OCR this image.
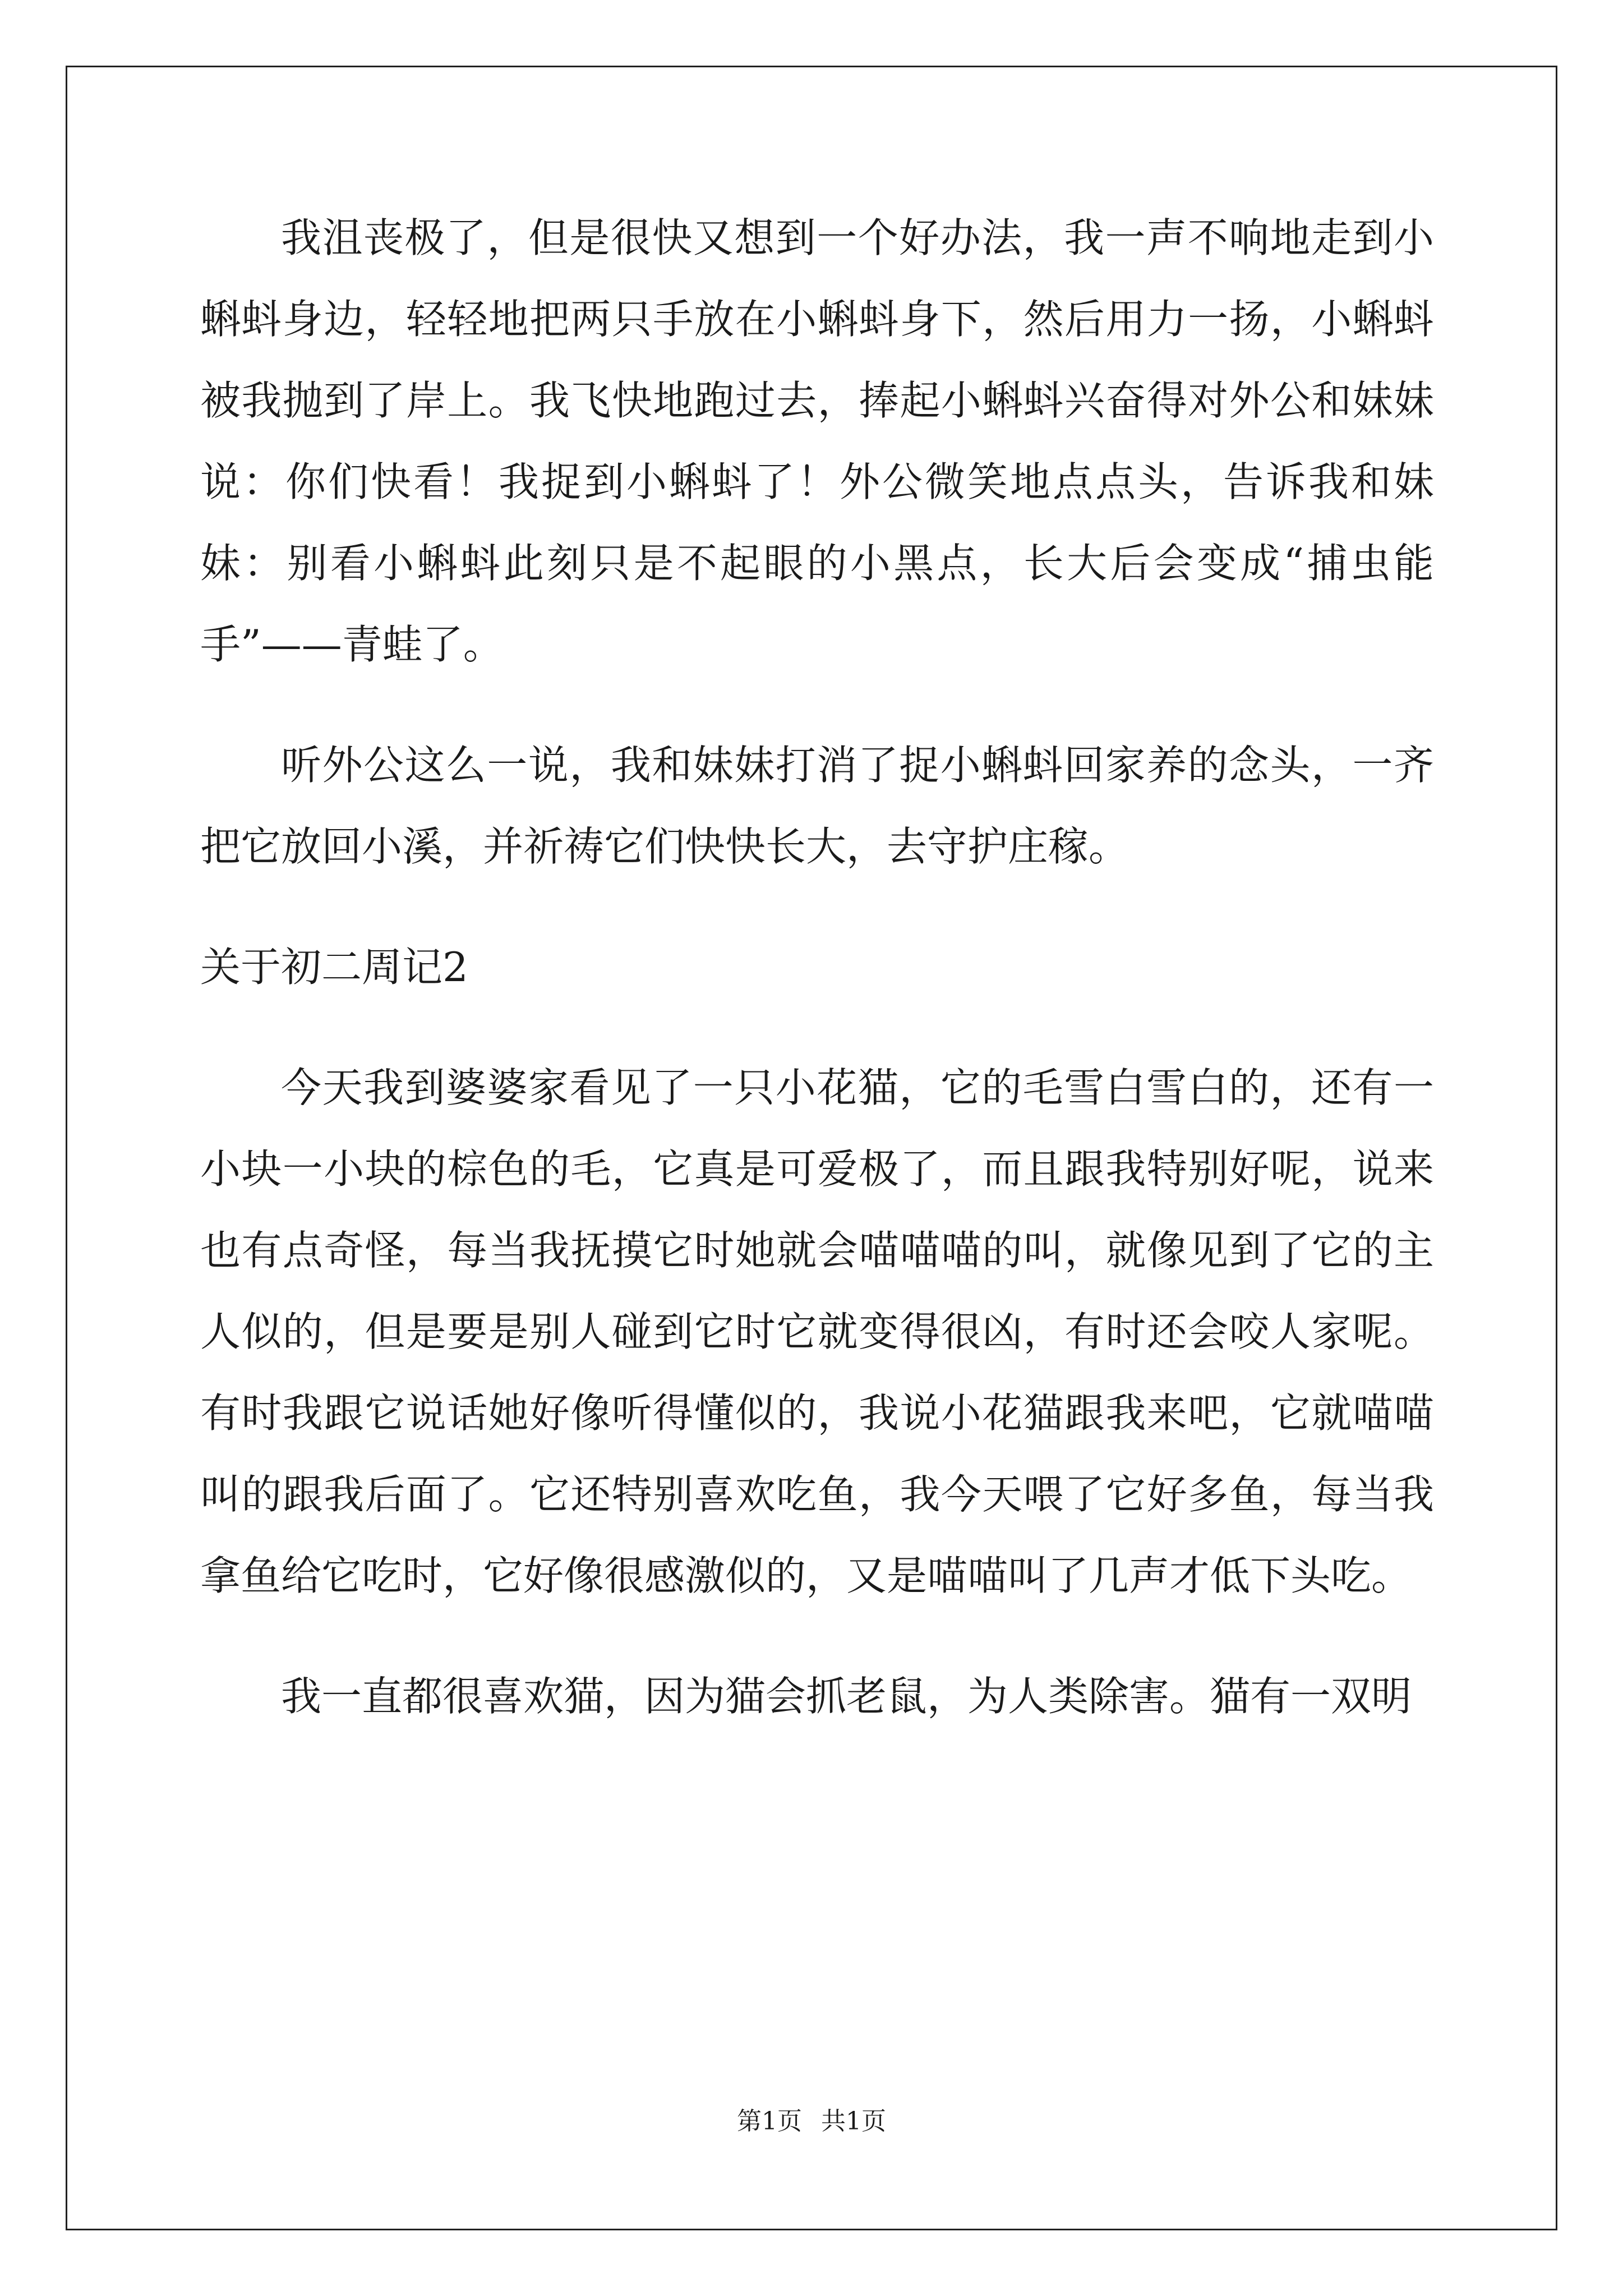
我沮丧极了，但是很快又想到一个好办法，我一声不响地走到小蝌蚪身边，轻轻地把两只手放在小蝌蚪身下，然后用力一扬，小蝌蚪被我抛到了岸上。我飞快地跑过去，捧起小蝌蚪兴奋得对外公和妹妹说：你们快看！我捉到小蝌蚪了！外公微笑地点点头，告诉我和妹妹：别看小蝌蚪此刻只是不起眼的小黑点，长大后会变成“捕虫能手”——青蛙了。

听外公这么一说，我和妹妹打消了捉小蝌蚪回家养的念头，一齐把它放回小溪，并祈祷它们快快长大，去守护庄稼。

关于初二周记2

今天我到婆婆家看见了一只小花猫，它的毛雪白雪白的，还有一小块一小块的棕色的毛，它真是可爱极了，而且跟我特别好呢，说来也有点奇怪，每当我抚摸它时她就会喵喵喵的叫，就像见到了它的主人似的，但是要是别人碰到它时它就变得很凶，有时还会咬人家呢。有时我跟它说话她好像听得懂似的，我说小花猫跟我来吧，它就喵喵叫的跟我后面了。它还特别喜欢吃鱼，我今天喂了它好多鱼，每当我拿鱼给它吃时，它好像很感激似的，又是喵喵叫了几声才低下头吃。

我一直都很喜欢猫，因为猫会抓老鼠，为人类除害。猫有一双明

第1页 共1页
